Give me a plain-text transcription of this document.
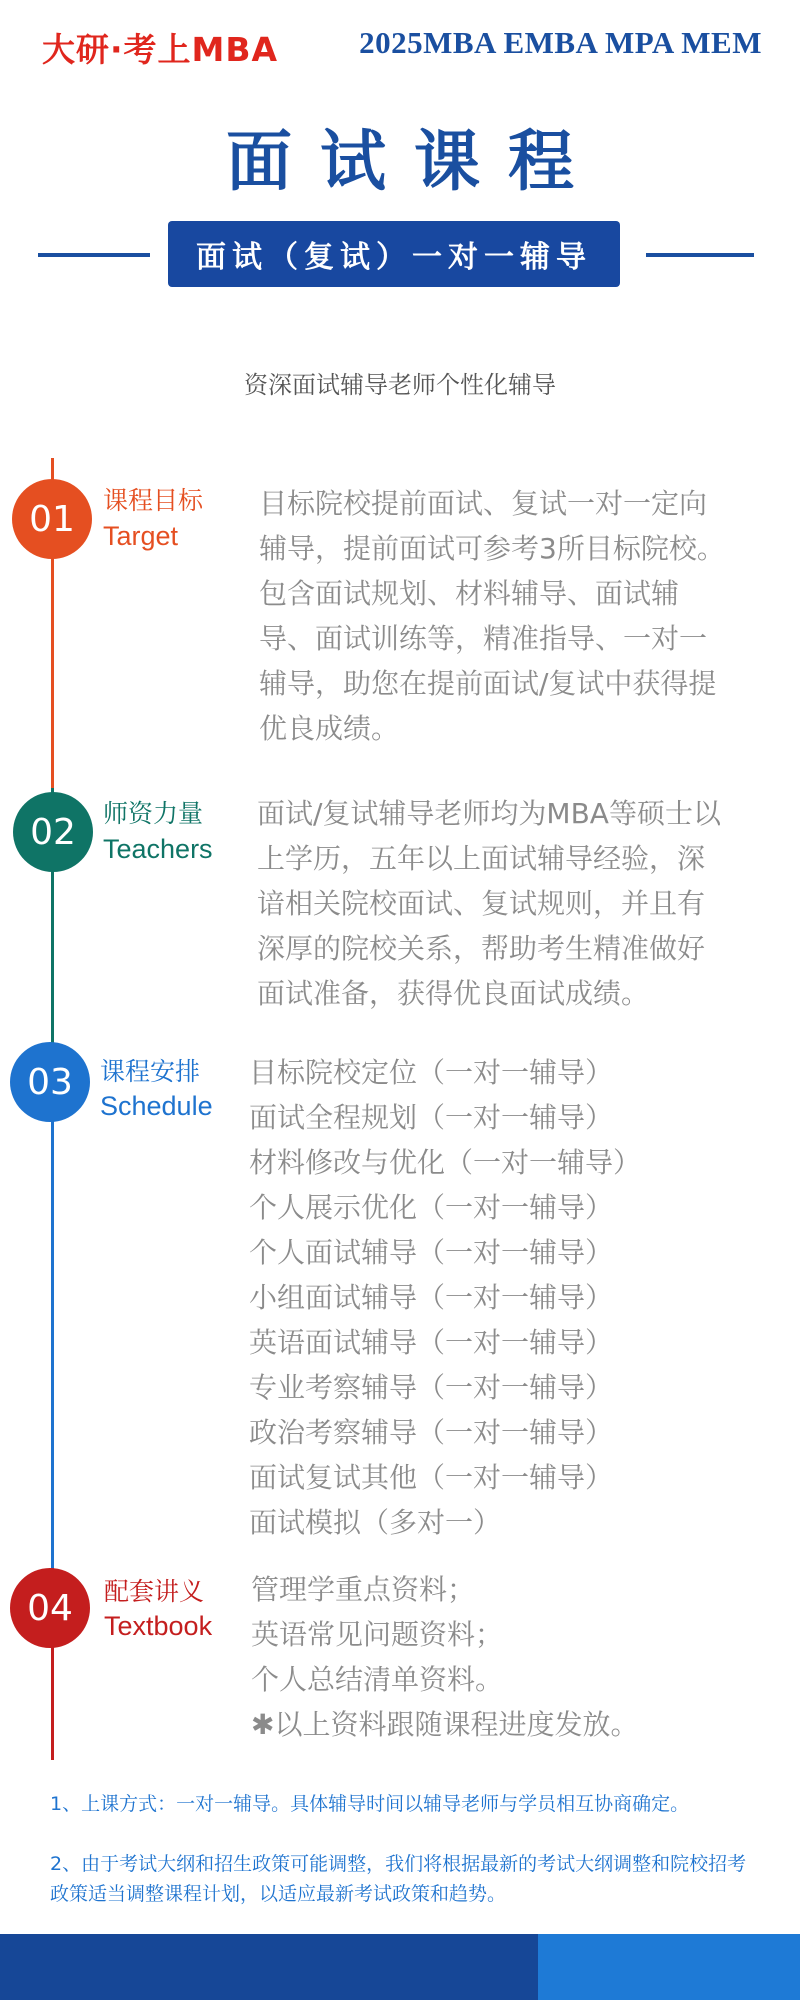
大研·考上MBA	2025MBA EMBA MPA MEM
面试课程
面试（复试）一对一辅导
资深面试辅导老师个性化辅导
01	课程目标
Target
目标院校提前面试、复试一对一定向
辅导，提前面试可参考3所目标院校。
包含面试规划、材料辅导、面试辅
导、面试训练等，精准指导、一对一
辅导，助您在提前面试/复试中获得提
优良成绩。
02	师资力量
Teachers
面试/复试辅导老师均为MBA等硕士以
上学历，五年以上面试辅导经验，深
谙相关院校面试、复试规则，并且有
深厚的院校关系，帮助考生精准做好
面试准备，获得优良面试成绩。
03	课程安排
Schedule
目标院校定位（一对一辅导）
面试全程规划（一对一辅导）
材料修改与优化（一对一辅导）
个人展示优化（一对一辅导）
个人面试辅导（一对一辅导）
小组面试辅导（一对一辅导）
英语面试辅导（一对一辅导）
专业考察辅导（一对一辅导）
政治考察辅导（一对一辅导）
面试复试其他（一对一辅导）
面试模拟（多对一）
04	配套讲义
Textbook
管理学重点资料；
英语常见问题资料；
个人总结清单资料。
✱以上资料跟随课程进度发放。
1、上课方式：一对一辅导。具体辅导时间以辅导老师与学员相互协商确定。
2、由于考试大纲和招生政策可能调整，我们将根据最新的考试大纲调整和院校招考政策适当调整课程计划，以适应最新考试政策和趋势。
